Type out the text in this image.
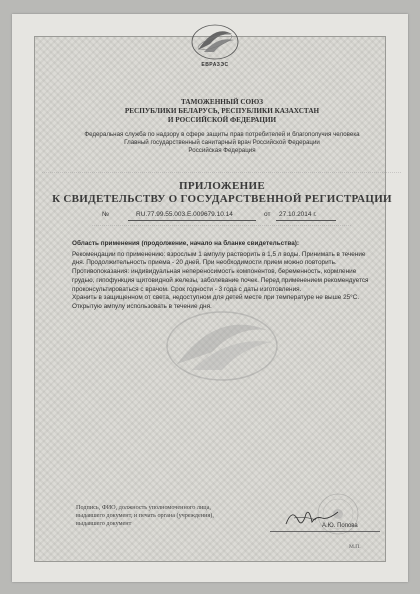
ЕВРАЗЭС
ТАМОЖЕННЫЙ СОЮЗ
РЕСПУБЛИКИ БЕЛАРУСЬ, РЕСПУБЛИКИ КАЗАХСТАН
И РОССИЙСКОЙ ФЕДЕРАЦИИ
Федеральная служба по надзору в сфере защиты прав потребителей и благополучия человека
Главный государственный санитарный врач Российской Федерации
Российская Федерация
ПРИЛОЖЕНИЕ
К СВИДЕТЕЛЬСТВУ О ГОСУДАРСТВЕННОЙ РЕГИСТРАЦИИ
№	RU.77.99.55.003.Е.009679.10.14	от 27.10.2014 г.
Область применения (продолжение, начало на бланке свидетельства):

Рекомендации по применению: взрослым 1 ампулу растворить в 1,5 л воды. Принимать в течение дня. Продолжительность приема - 20 дней. При необходимости прием можно повторить.

Противопоказания: индивидуальная непереносимость компонентов, беременность, кормление грудью, гипофункция щитовидной железы, заболевание почек. Перед применением рекомендуется проконсультироваться с врачом. Срок годности - 3 года с даты изготовления.

Хранить в защищенном от света, недоступном для детей месте при температуре не выше 25°С. Открытую ампулу использовать в течение дня.

Подпись, ФИО, должность уполномоченного лица, выдавшего документ, и печать органа (учреждения), выдавшего документ	А.Ю. Попова
М.П.
